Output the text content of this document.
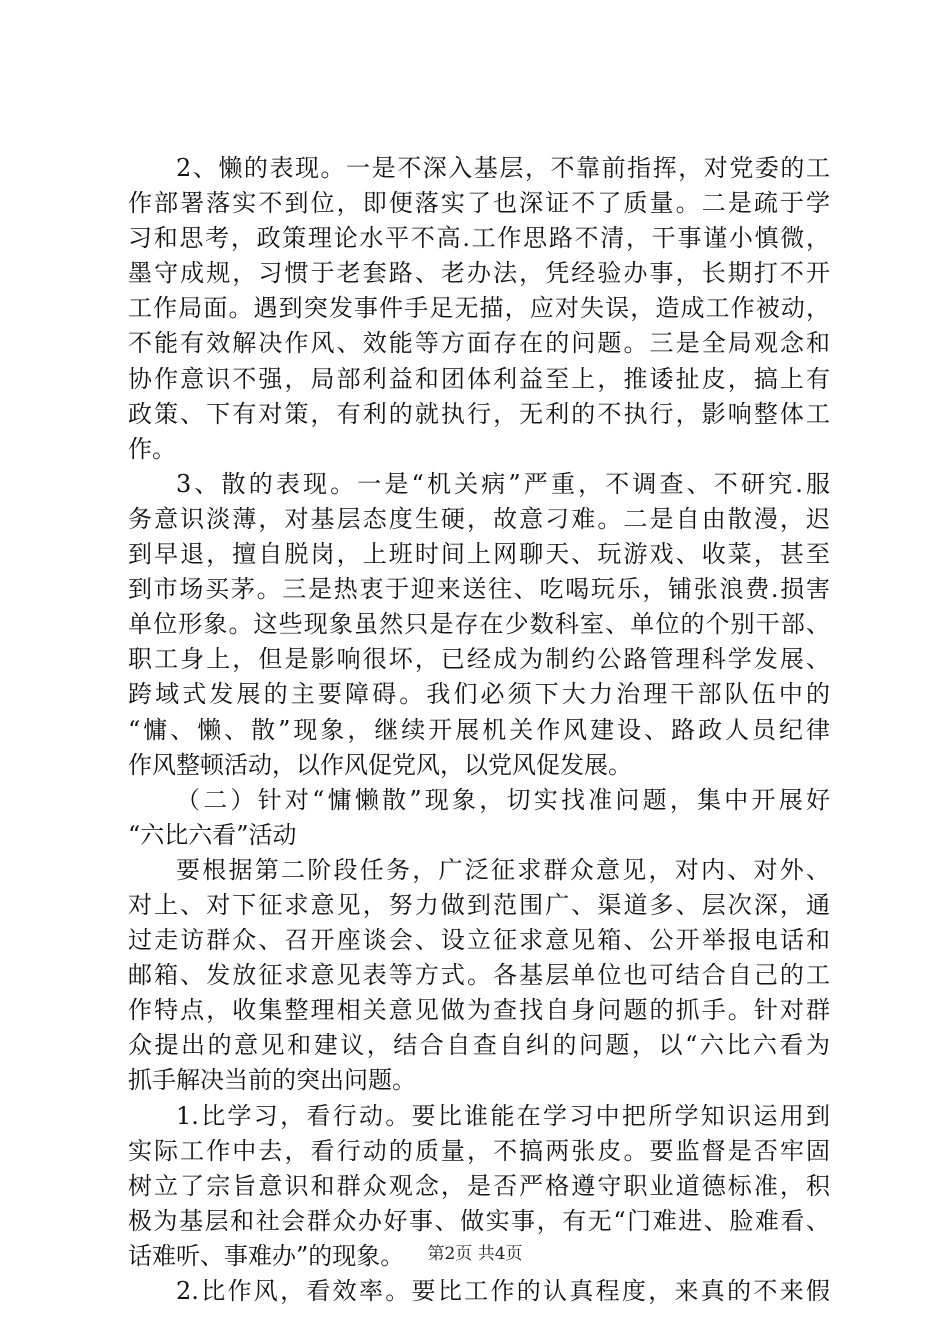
2、懒的表现。一是不深入基层，不靠前指挥，对党委的工
作部署落实不到位，即便落实了也深证不了质量。二是疏于学
习和思考，政策理论水平不高.工作思路不清，干事谨小慎微，
墨守成规，习惯于老套路、老办法，凭经验办事，长期打不开
工作局面。遇到突发事件手足无描，应对失误，造成工作被动，
不能有效解决作风、效能等方面存在的问题。三是全局观念和
协作意识不强，局部利益和团体利益至上，推诿扯皮，搞上有
政策、下有对策，有利的就执行，无利的不执行，影响整体工
作。
3、散的表现。一是“机关病”严重，不调查、不研究.服
务意识淡薄，对基层态度生硬，故意刁难。二是自由散漫，迟
到早退，擅自脱岗，上班时间上网聊天、玩游戏、收菜，甚至
到市场买茅。三是热衷于迎来送往、吃喝玩乐，铺张浪费.损害
单位形象。这些现象虽然只是存在少数科室、单位的个别干部、
职工身上，但是影响很坏，已经成为制约公路管理科学发展、
跨域式发展的主要障碍。我们必须下大力治理干部队伍中的
“慵、懒、散”现象，继续开展机关作风建设、路政人员纪律
作风整顿活动，以作风促党风，以党风促发展。
（二）针对“慵懒散”现象，切实找准问题，集中开展好
“六比六看”活动
要根据第二阶段任务，广泛征求群众意见，对内、对外、
对上、对下征求意见，努力做到范围广、渠道多、层次深，通
过走访群众、召开座谈会、设立征求意见箱、公开举报电话和
邮箱、发放征求意见表等方式。各基层单位也可结合自己的工
作特点，收集整理相关意见做为查找自身问题的抓手。针对群
众提出的意见和建议，结合自查自纠的问题，以“六比六看为
抓手解决当前的突出问题。
1.比学习，看行动。要比谁能在学习中把所学知识运用到
实际工作中去，看行动的质量，不搞两张皮。要监督是否牢固
树立了宗旨意识和群众观念，是否严格遵守职业道德标准，积
极为基层和社会群众办好事、做实事，有无“门难进、脸难看、
话难听、事难办”的现象。
2.比作风，看效率。要比工作的认真程度，来真的不来假
第2页 共4页
